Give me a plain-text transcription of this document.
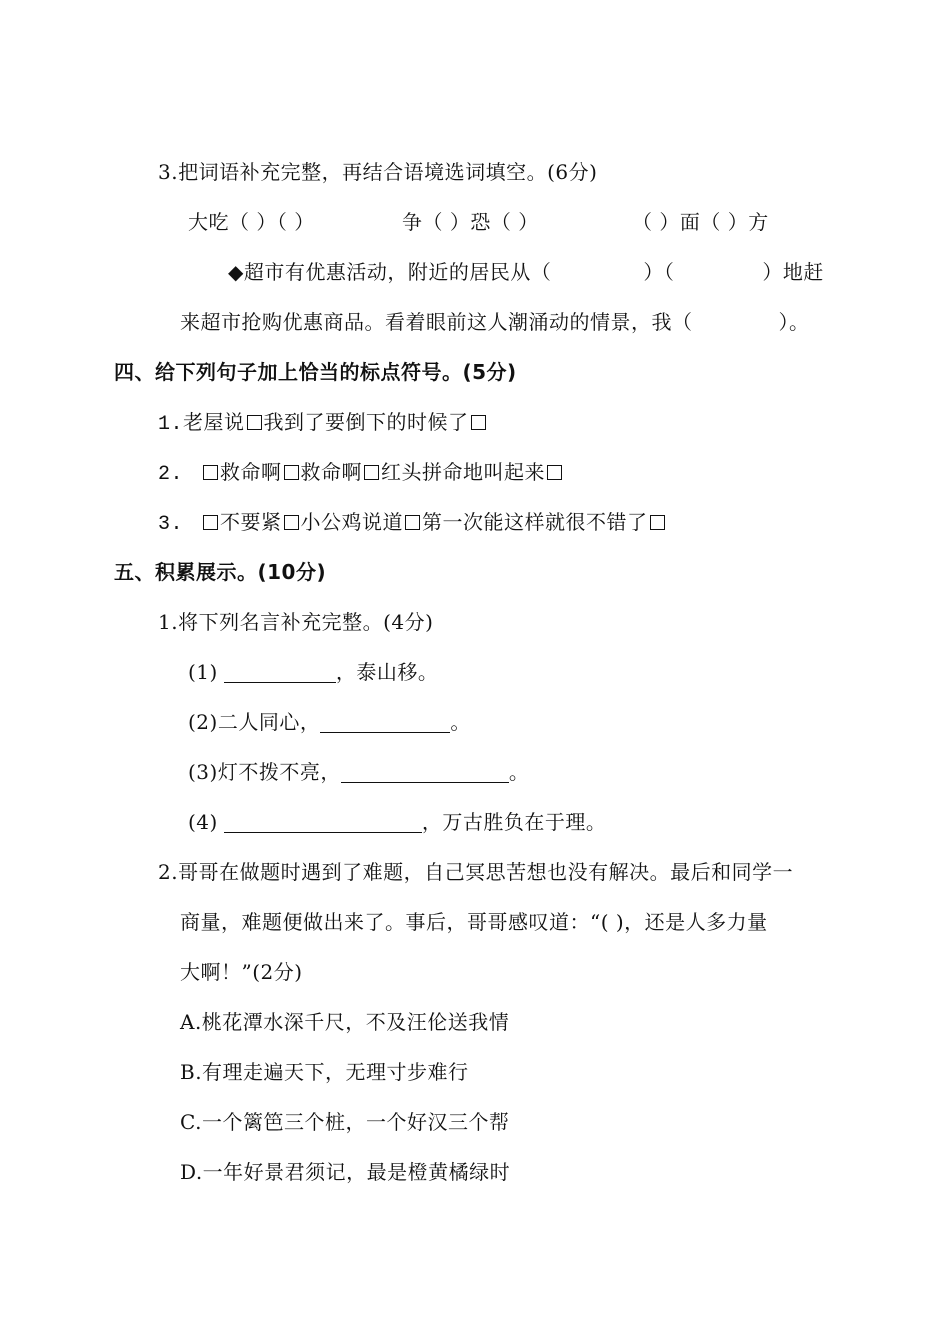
3.把词语补充完整，再结合语境选词填空。(6分)
大吃（ ）（ ）	争（ ）恐（ ）	（ ）面（ ）方
◆超市有优惠活动，附近的居民从（	）（	）地赶
来超市抢购优惠商品。看着眼前这人潮涌动的情景，我（	）。
四、给下列句子加上恰当的标点符号。(5分)
1.老屋说 我到了要倒下的时候了
2. 救命啊 救命啊 红头拼命地叫起来
3. 不要紧 小公鸡说道 第一次能这样就很不错了
五、积累展示。(10分)
1.将下列名言补充完整。(4分)
(1)	，泰山移。
(2)二人同心，	。
(3)灯不拨不亮，	。
(4)	，万古胜负在于理。
2.哥哥在做题时遇到了难题，自己冥思苦想也没有解决。最后和同学一
商量，难题便做出来了。事后，哥哥感叹道：“( )，还是人多力量
大啊！”(2分)
A.桃花潭水深千尺，不及汪伦送我情
B.有理走遍天下，无理寸步难行
C.一个篱笆三个桩，一个好汉三个帮
D.一年好景君须记，最是橙黄橘绿时
